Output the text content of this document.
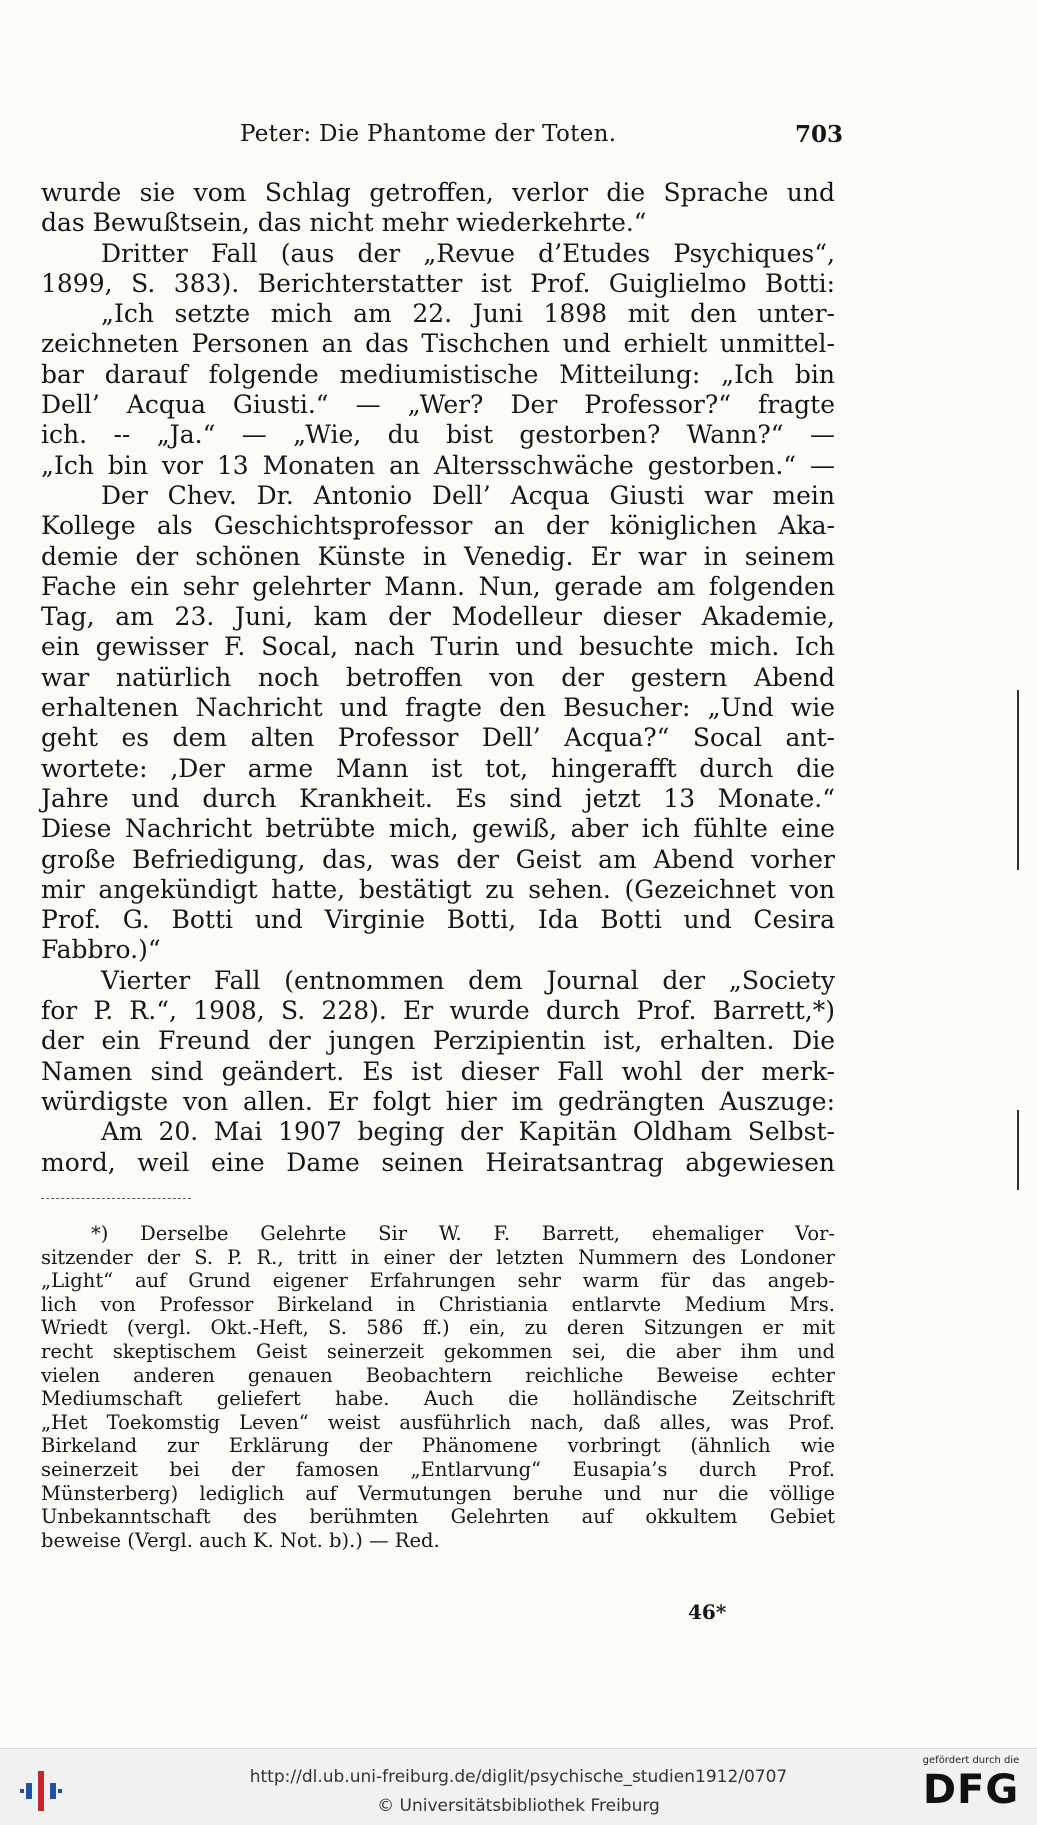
Peter: Die Phantome der Toten.	703
wurde sie vom Schlag getroffen, verlor die Sprache und
das Bewußtsein, das nicht mehr wiederkehrte.“
Dritter Fall (aus der „Revue d’Etudes Psychiques“,
1899, S. 383). Berichterstatter ist Prof. Guiglielmo Botti:
„Ich setzte mich am 22. Juni 1898 mit den unter-
zeichneten Personen an das Tischchen und erhielt unmittel-
bar darauf folgende mediumistische Mitteilung: „Ich bin
Dell’ Acqua Giusti.“ — „Wer? Der Professor?“ fragte
ich. -- „Ja.“ — „Wie, du bist gestorben? Wann?“ —
„Ich bin vor 13 Monaten an Altersschwäche gestorben.“ —
Der Chev. Dr. Antonio Dell’ Acqua Giusti war mein
Kollege als Geschichtsprofessor an der königlichen Aka-
demie der schönen Künste in Venedig. Er war in seinem
Fache ein sehr gelehrter Mann. Nun, gerade am folgenden
Tag, am 23. Juni, kam der Modelleur dieser Akademie,
ein gewisser F. Socal, nach Turin und besuchte mich. Ich
war natürlich noch betroffen von der gestern Abend
erhaltenen Nachricht und fragte den Besucher: „Und wie
geht es dem alten Professor Dell’ Acqua?“ Socal ant-
wortete: ‚Der arme Mann ist tot, hingerafft durch die
Jahre und durch Krankheit. Es sind jetzt 13 Monate.“
Diese Nachricht betrübte mich, gewiß, aber ich fühlte eine
große Befriedigung, das, was der Geist am Abend vorher
mir angekündigt hatte, bestätigt zu sehen. (Gezeichnet von
Prof. G. Botti und Virginie Botti, Ida Botti und Cesira
Fabbro.)“
Vierter Fall (entnommen dem Journal der „Society
for P. R.“, 1908, S. 228). Er wurde durch Prof. Barrett,*)
der ein Freund der jungen Perzipientin ist, erhalten. Die
Namen sind geändert. Es ist dieser Fall wohl der merk-
würdigste von allen. Er folgt hier im gedrängten Auszuge:
Am 20. Mai 1907 beging der Kapitän Oldham Selbst-
mord, weil eine Dame seinen Heiratsantrag abgewiesen
*) Derselbe Gelehrte Sir W. F. Barrett, ehemaliger Vor-
sitzender der S. P. R., tritt in einer der letzten Nummern des Londoner
„Light“ auf Grund eigener Erfahrungen sehr warm für das angeb-
lich von Professor Birkeland in Christiania entlarvte Medium Mrs.
Wriedt (vergl. Okt.-Heft, S. 586 ff.) ein, zu deren Sitzungen er mit
recht skeptischem Geist seinerzeit gekommen sei, die aber ihm und
vielen anderen genauen Beobachtern reichliche Beweise echter
Mediumschaft geliefert habe. Auch die holländische Zeitschrift
„Het Toekomstig Leven“ weist ausführlich nach, daß alles, was Prof.
Birkeland zur Erklärung der Phänomene vorbringt (ähnlich wie
seinerzeit bei der famosen „Entlarvung“ Eusapia’s durch Prof.
Münsterberg) lediglich auf Vermutungen beruhe und nur die völlige
Unbekanntschaft des berühmten Gelehrten auf okkultem Gebiet
beweise (Vergl. auch K. Not. b).) — Red.
46*
http://dl.ub.uni-freiburg.de/diglit/psychische_studien1912/0707
© Universitätsbibliothek Freiburg
gefördert durch die
DFG
